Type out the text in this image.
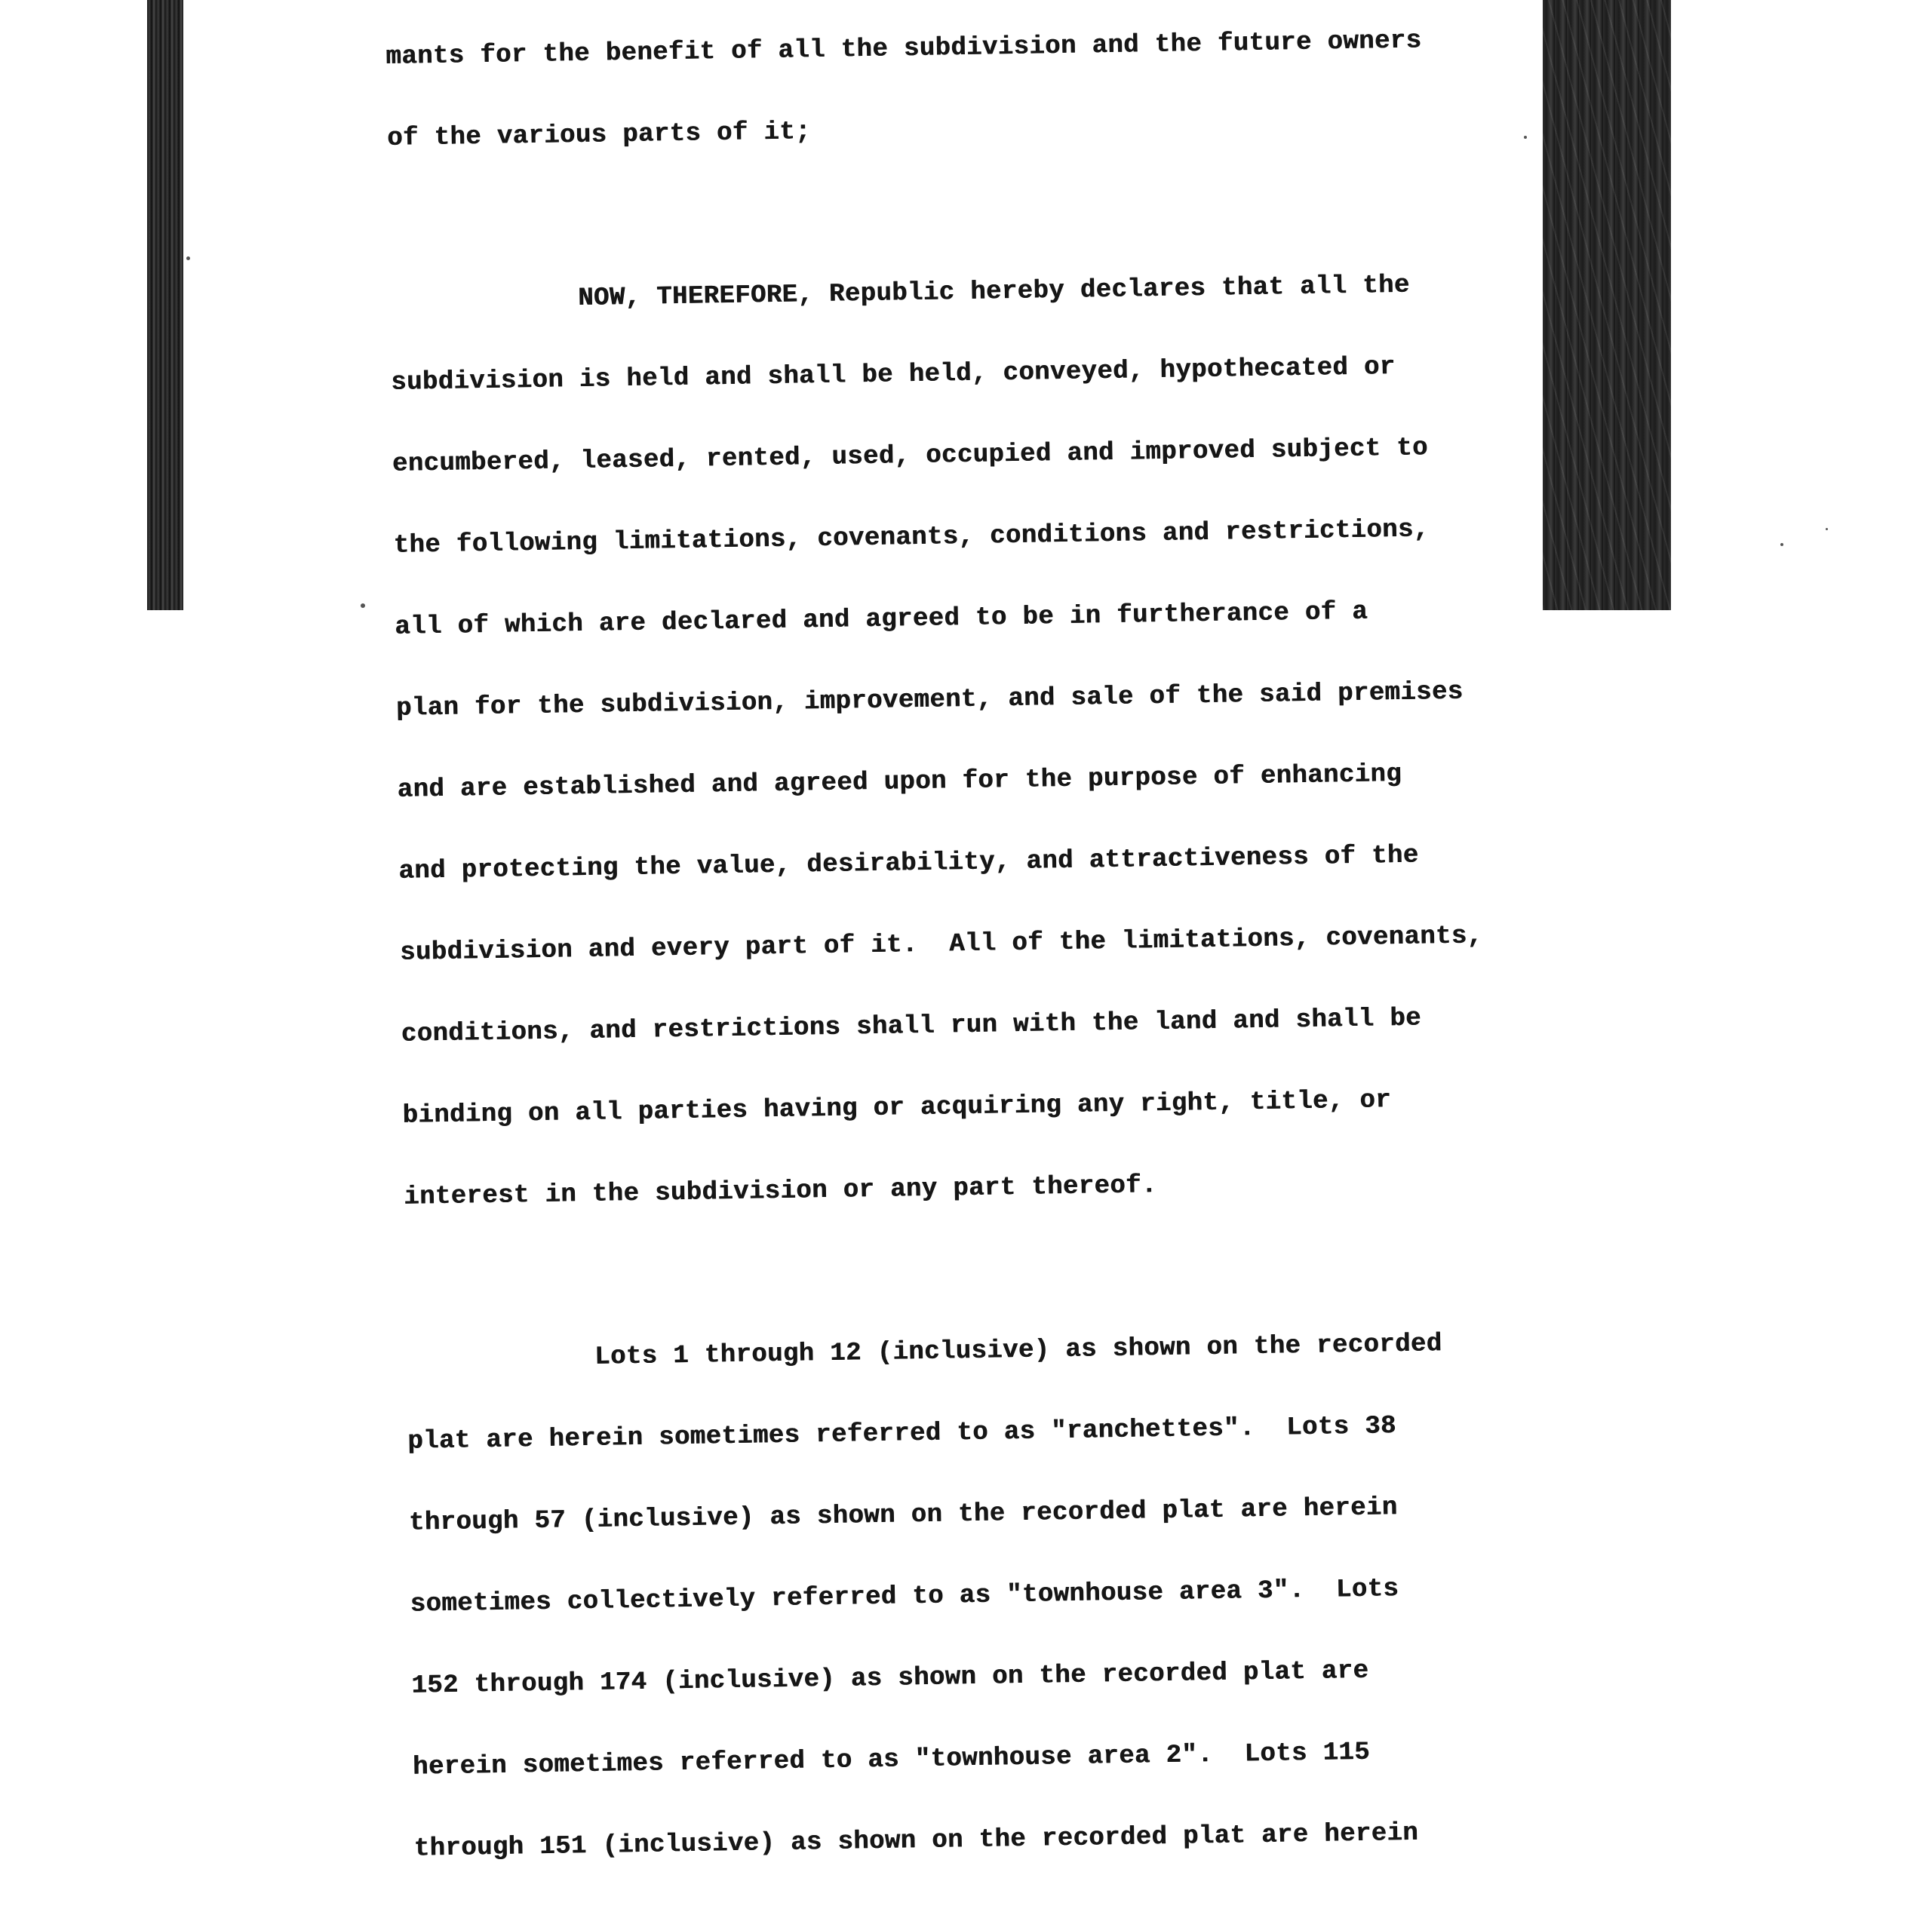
mants for the benefit of all the subdivision and the future owners

of the various parts of it;

NOW, THEREFORE, Republic hereby declares that all the

subdivision is held and shall be held, conveyed, hypothecated or

encumbered, leased, rented, used, occupied and improved subject to

the following limitations, covenants, conditions and restrictions,

all of which are declared and agreed to be in furtherance of a

plan for the subdivision, improvement, and sale of the said premises

and are established and agreed upon for the purpose of enhancing

and protecting the value, desirability, and attractiveness of the

subdivision and every part of it.  All of the limitations, covenants,

conditions, and restrictions shall run with the land and shall be

binding on all parties having or acquiring any right, title, or

interest in the subdivision or any part thereof.

Lots 1 through 12 (inclusive) as shown on the recorded

plat are herein sometimes referred to as "ranchettes".  Lots 38

through 57 (inclusive) as shown on the recorded plat are herein

sometimes collectively referred to as "townhouse area 3".  Lots

152 through 174 (inclusive) as shown on the recorded plat are

herein sometimes referred to as "townhouse area 2".  Lots 115

through 151 (inclusive) as shown on the recorded plat are herein
